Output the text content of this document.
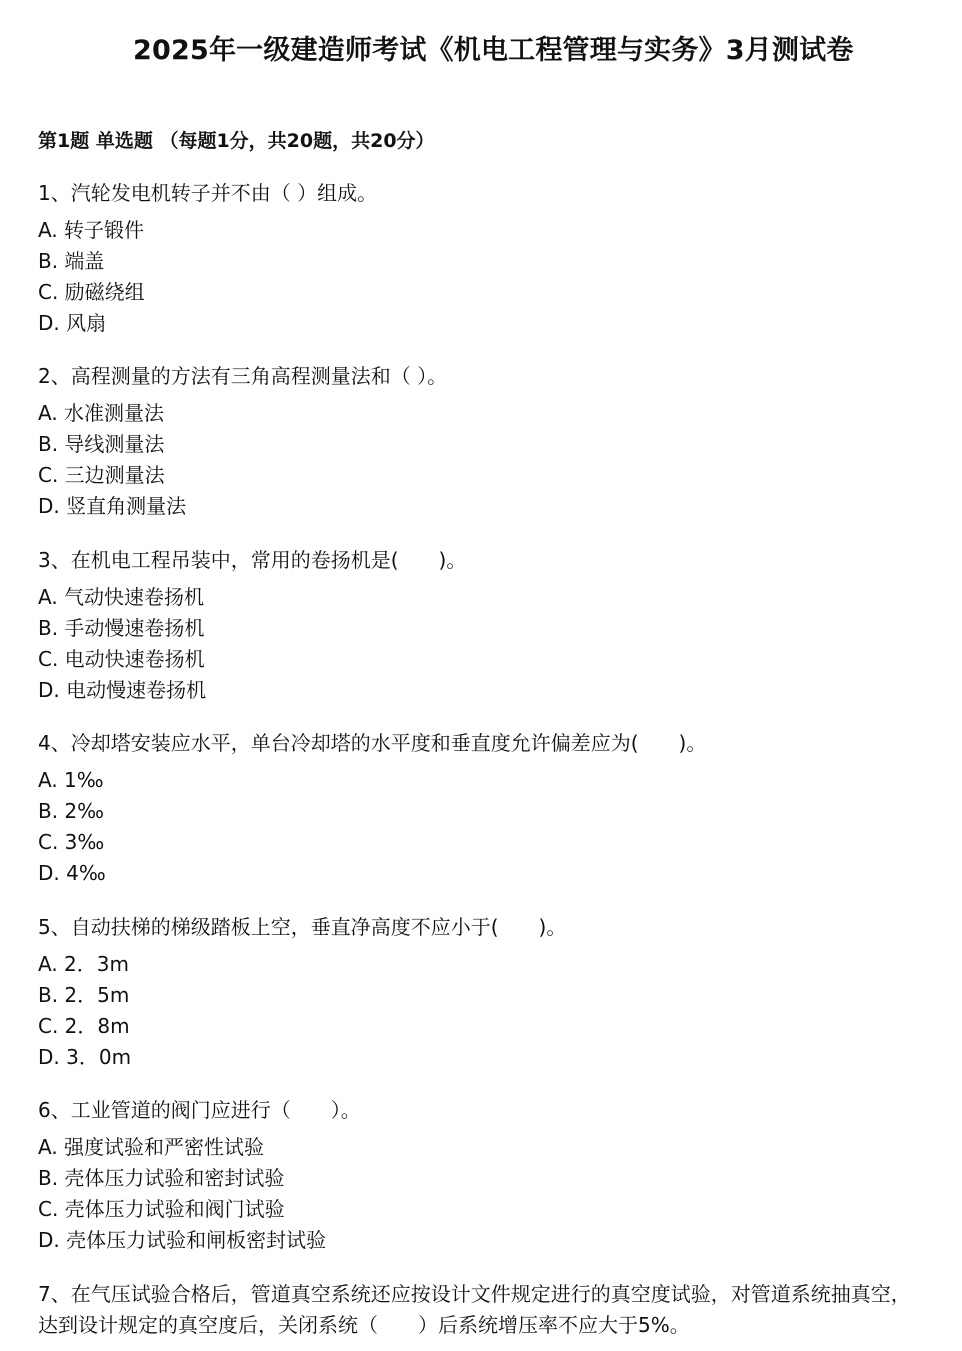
2025年一级建造师考试《机电工程管理与实务》3月测试卷
第1题 单选题 （每题1分，共20题，共20分）
1、汽轮发电机转子并不由（ ）组成。
A. 转子锻件
B. 端盖
C. 励磁绕组
D. 风扇
2、高程测量的方法有三角高程测量法和（ ）。
A. 水准测量法
B. 导线测量法
C. 三边测量法
D. 竖直角测量法
3、在机电工程吊装中，常用的卷扬机是(　　)。
A. 气动快速卷扬机
B. 手动慢速卷扬机
C. 电动快速卷扬机
D. 电动慢速卷扬机
4、冷却塔安装应水平，单台冷却塔的水平度和垂直度允许偏差应为(　　)。
A. 1‰
B. 2‰
C. 3‰
D. 4‰
5、自动扶梯的梯级踏板上空，垂直净高度不应小于(　　)。
A. 2．3m
B. 2．5m
C. 2．8m
D. 3．0m
6、工业管道的阀门应进行（　　）。
A. 强度试验和严密性试验
B. 壳体压力试验和密封试验
C. 壳体压力试验和阀门试验
D. 壳体压力试验和闸板密封试验
7、在气压试验合格后，管道真空系统还应按设计文件规定进行的真空度试验，对管道系统抽真空，达到设计规定的真空度后，关闭系统（　　）后系统增压率不应大于5%。
